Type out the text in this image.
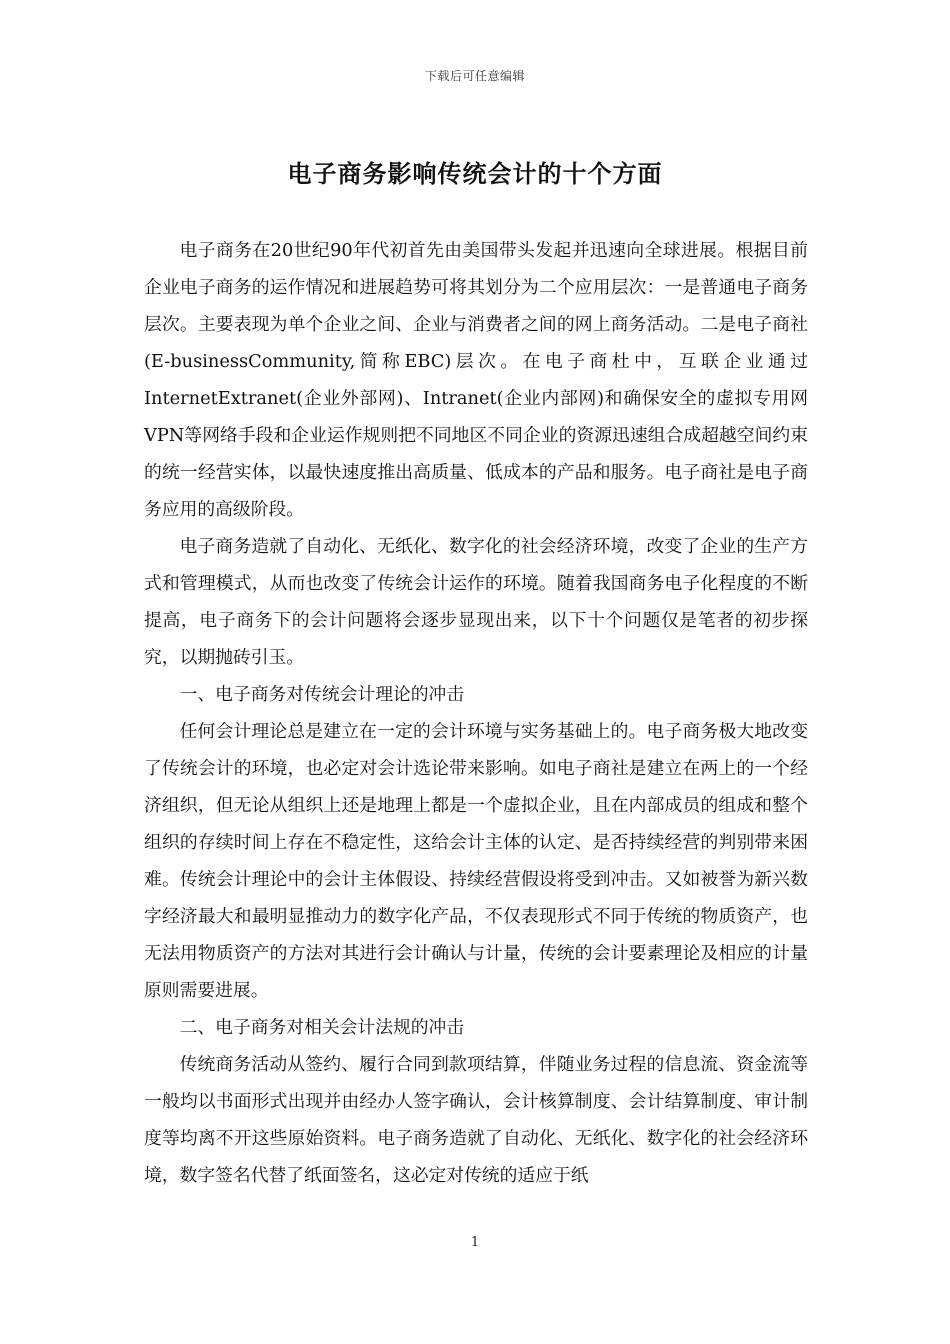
下载后可任意编辑
电子商务影响传统会计的十个方面

电子商务在20世纪90年代初首先由美国带头发起并迅速向全球进展。根据目前企业电子商务的运作情况和进展趋势可将其划分为二个应用层次：一是普通电子商务层次。主要表现为单个企业之间、企业与消费者之间的网上商务活动。二是电子商社(E-businessCommunity,简称EBC)层次。在电子商杜中，互联企业通过InternetExtranet(企业外部网)、Intranet(企业内部网)和确保安全的虚拟专用网VPN等网络手段和企业运作规则把不同地区不同企业的资源迅速组合成超越空间约束的统一经营实体，以最快速度推出高质量、低成本的产品和服务。电子商社是电子商务应用的高级阶段。

电子商务造就了自动化、无纸化、数字化的社会经济环境，改变了企业的生产方式和管理模式，从而也改变了传统会计运作的环境。随着我国商务电子化程度的不断提高，电子商务下的会计问题将会逐步显现出来，以下十个问题仅是笔者的初步探究，以期抛砖引玉。

一、电子商务对传统会计理论的冲击

任何会计理论总是建立在一定的会计环境与实务基础上的。电子商务极大地改变了传统会计的环境，也必定对会计选论带来影响。如电子商社是建立在两上的一个经济组织，但无论从组织上还是地理上都是一个虚拟企业，且在内部成员的组成和整个组织的存续时间上存在不稳定性，这给会计主体的认定、是否持续经营的判别带来困难。传统会计理论中的会计主体假设、持续经营假设将受到冲击。又如被誉为新兴数字经济最大和最明显推动力的数字化产品，不仅表现形式不同于传统的物质资产，也无法用物质资产的方法对其进行会计确认与计量，传统的会计要素理论及相应的计量原则需要进展。

二、电子商务对相关会计法规的冲击

传统商务活动从签约、履行合同到款项结算，伴随业务过程的信息流、资金流等一般均以书面形式出现并由经办人签字确认，会计核算制度、会计结算制度、审计制度等均离不开这些原始资料。电子商务造就了自动化、无纸化、数字化的社会经济环境，数字签名代替了纸面签名，这必定对传统的适应于纸

1
